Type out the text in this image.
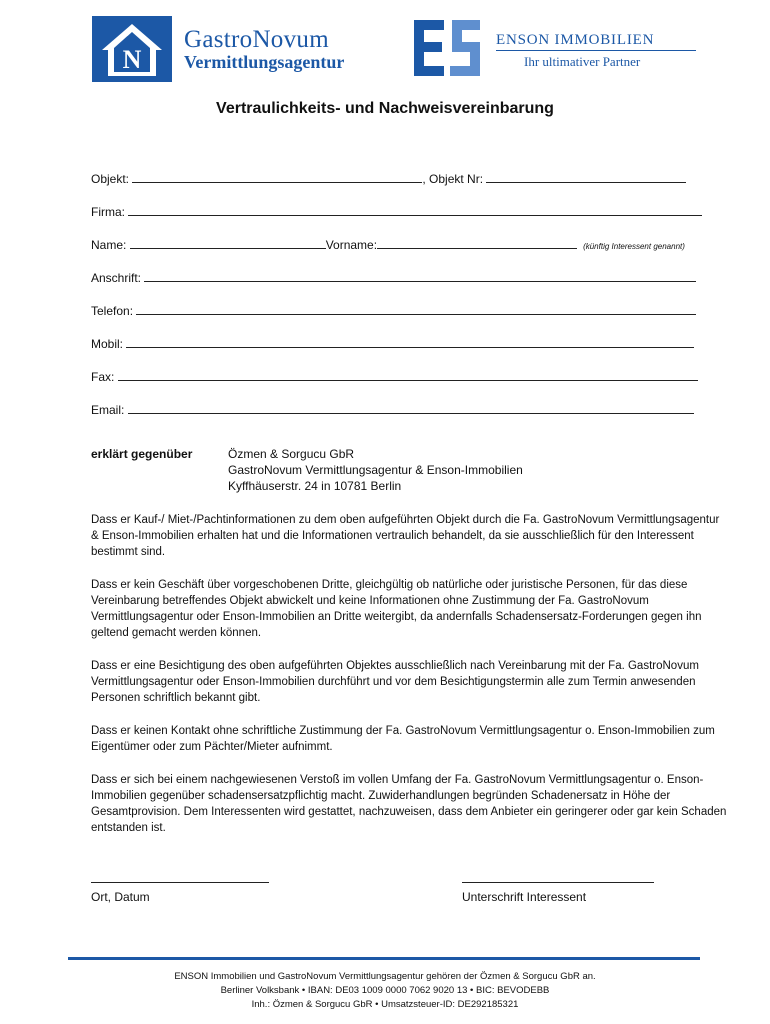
N
GastroNovum
Vermittlungsagentur
ENSON IMMOBILIEN
Ihr ultimativer Partner
Vertraulichkeits- und Nachweisvereinbarung
Objekt:	, Objekt Nr:
Firma:
Name:	Vorname:	(künftig Interessent genannt)
Anschrift:
Telefon:
Mobil:
Fax:
Email:
erklärt gegenüber	Özmen & Sorgucu GbR
GastroNovum Vermittlungsagentur & Enson-Immobilien
Kyffhäuserstr. 24 in 10781 Berlin

Dass er Kauf-/ Miet-/Pachtinformationen zu dem oben aufgeführten Objekt durch die Fa. GastroNovum Vermittlungsagentur & Enson-Immobilien erhalten hat und die Informationen vertraulich behandelt, da sie ausschließlich für den Interessent bestimmt sind.

Dass er kein Geschäft über vorgeschobenen Dritte, gleichgültig ob natürliche oder juristische Personen, für das diese Vereinbarung betreffendes Objekt abwickelt und keine Informationen ohne Zustimmung der Fa. GastroNovum Vermittlungsagentur oder Enson-Immobilien an Dritte weitergibt, da andernfalls Schadensersatz-Forderungen gegen ihn geltend gemacht werden können.

Dass er eine Besichtigung des oben aufgeführten Objektes ausschließlich nach Vereinbarung mit der Fa. GastroNovum Vermittlungsagentur oder Enson-Immobilien durchführt und vor dem Besichtigungstermin alle zum Termin anwesenden Personen schriftlich bekannt gibt.

Dass er keinen Kontakt ohne schriftliche Zustimmung der Fa. GastroNovum Vermittlungsagentur o. Enson-Immobilien zum Eigentümer oder zum Pächter/Mieter aufnimmt.

Dass er sich bei einem nachgewiesenen Verstoß im vollen Umfang der Fa. GastroNovum Vermittlungsagentur o. Enson-Immobilien gegenüber schadensersatzpflichtig macht. Zuwiderhandlungen begründen Schadenersatz in Höhe der Gesamtprovision. Dem Interessenten wird gestattet, nachzuweisen, dass dem Anbieter ein geringerer oder gar kein Schaden entstanden ist.

Ort, Datum	Unterschrift Interessent
ENSON Immobilien und GastroNovum Vermittlungsagentur gehören der Özmen & Sorgucu GbR an.
Berliner Volksbank • IBAN: DE03 1009 0000 7062 9020 13 • BIC: BEVODEBB
Inh.: Özmen & Sorgucu GbR • Umsatzsteuer-ID: DE292185321
